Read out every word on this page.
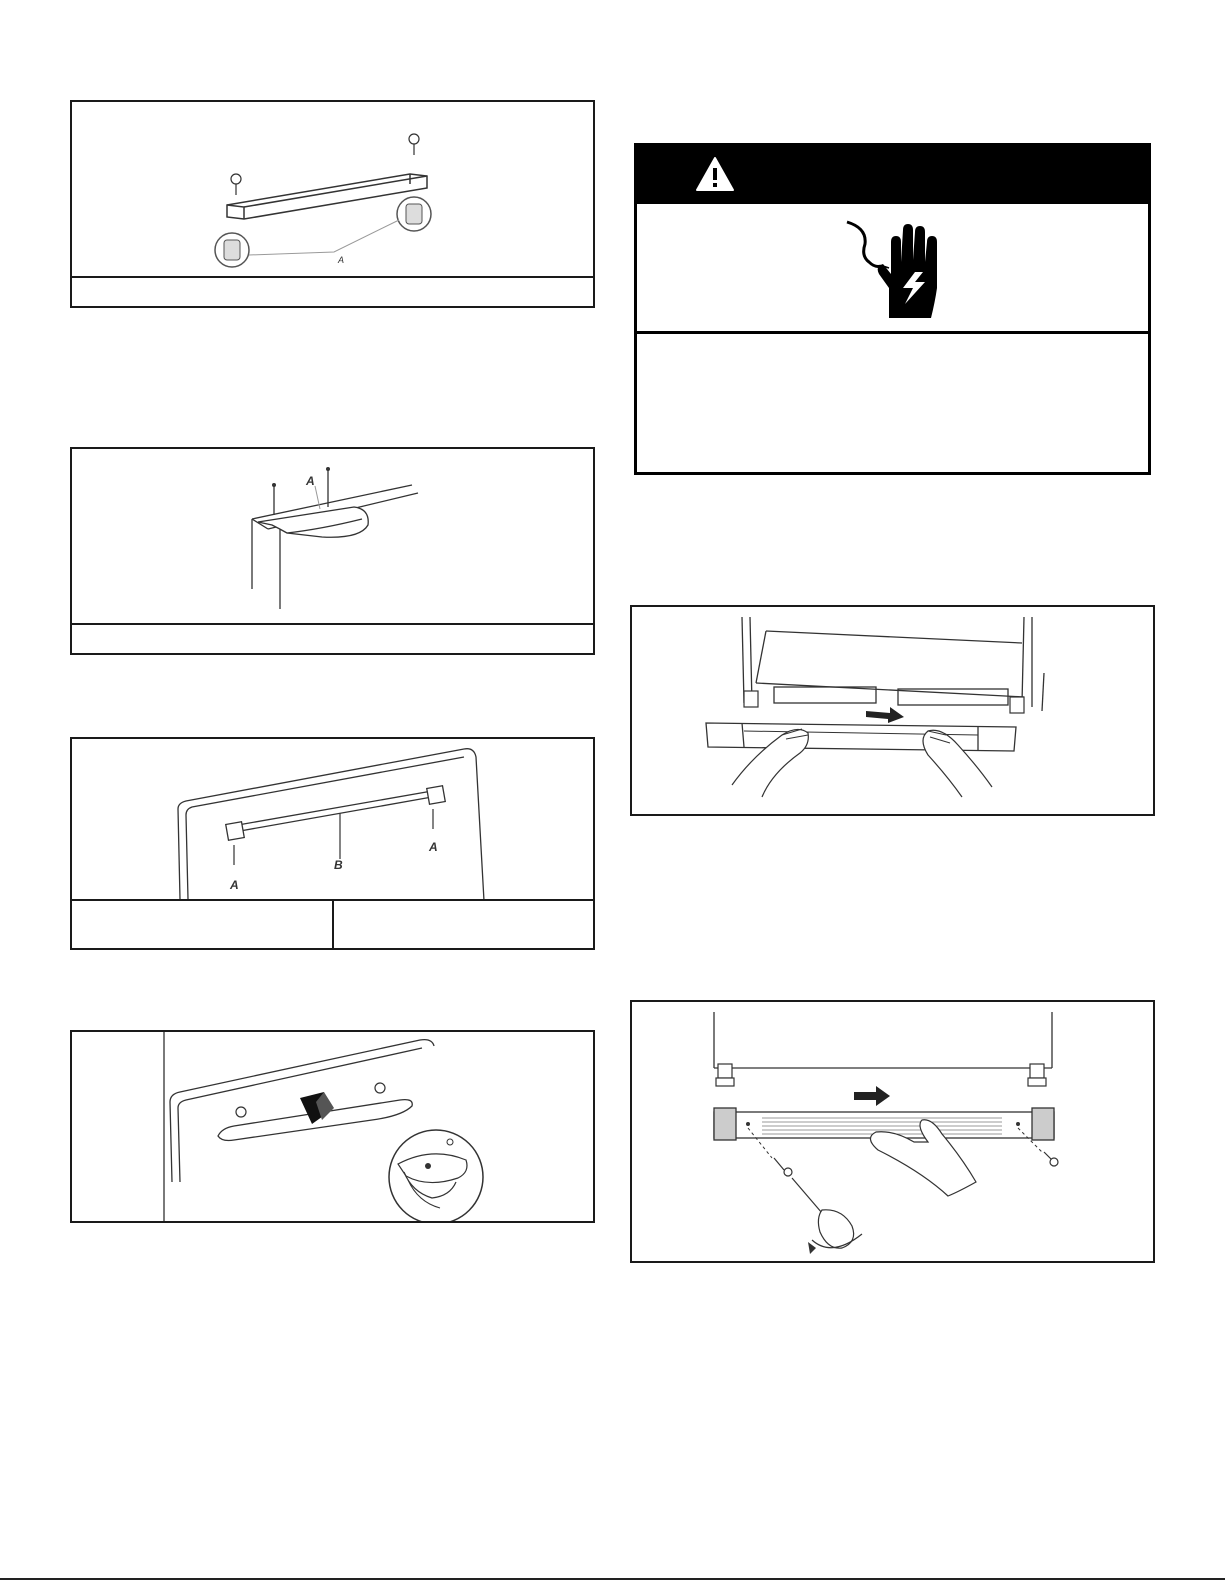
A
A
A
A
B
